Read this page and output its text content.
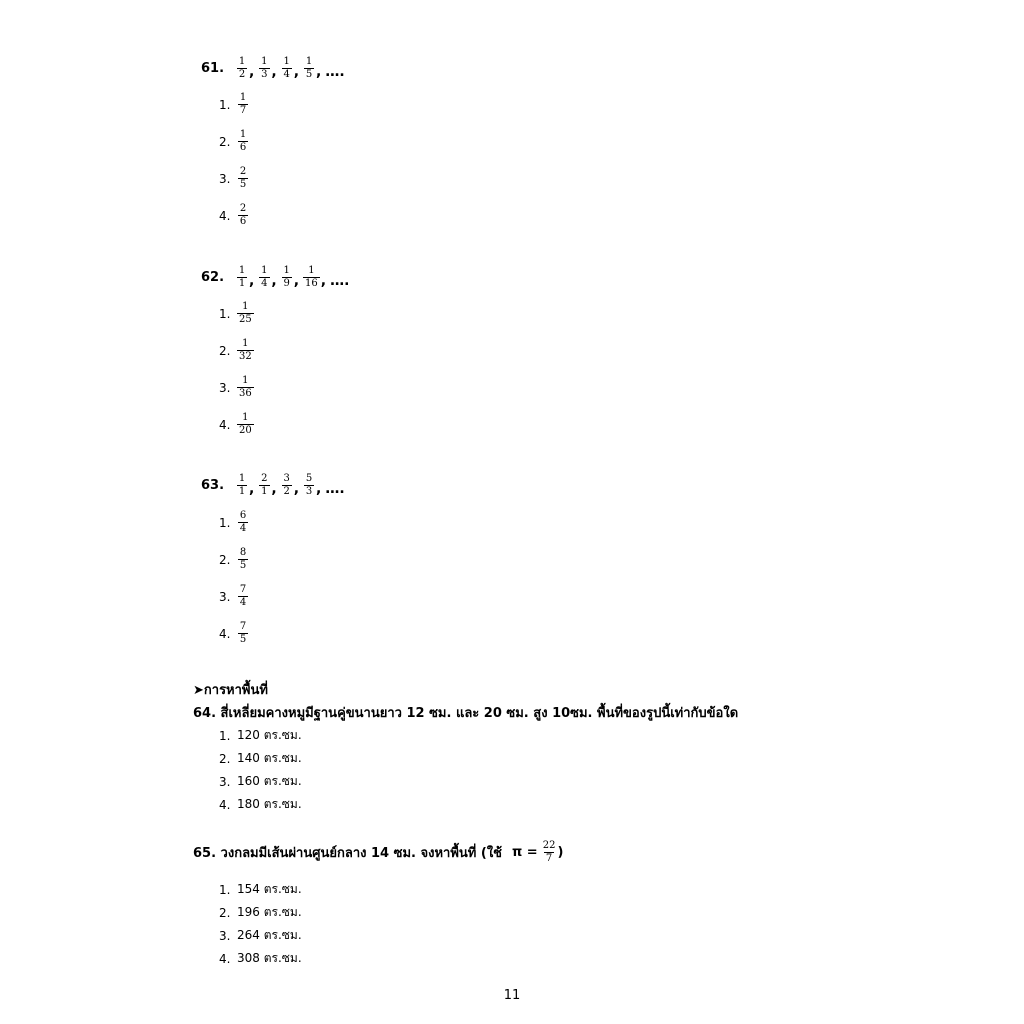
61. $\frac{1}{2}$ , $\frac{1}{3}$ , $\frac{1}{4}$ , $\frac{1}{5}$ , ….
1. $\frac{1}{7}$
2. $\frac{1}{6}$
3. $\frac{2}{5}$
4. $\frac{2}{6}$
62. $\frac{1}{1}$ , $\frac{1}{4}$ , $\frac{1}{9}$ , $\frac{1}{16}$ , ….
1. $\frac{1}{25}$
2. $\frac{1}{32}$
3. $\frac{1}{36}$
4. $\frac{1}{20}$
63. $\frac{1}{1}$ , $\frac{2}{1}$ , $\frac{3}{2}$ , $\frac{5}{3}$ , ….
1. $\frac{6}{4}$
2. $\frac{8}{5}$
3. $\frac{7}{4}$
4. $\frac{7}{5}$
➤การหาพื้นที่
64. สี่เหลี่ยมคางหมูมีฐานคู่ขนานยาว 12 ซม. และ 20 ซม. สูง 10ซม. พื้นที่ของรูปนี้เท่ากับข้อใด
1. 120 ตร.ซม.
2. 140 ตร.ซม.
3. 160 ตร.ซม.
4. 180 ตร.ซม.
65. วงกลมมีเส้นผ่านศูนย์กลาง 14 ซม. จงหาพื้นที่ (ใช้ $\pi = \frac{22}{7}$ )
1. 154 ตร.ซม.
2. 196 ตร.ซม.
3. 264 ตร.ซม.
4. 308 ตร.ซม.
11
